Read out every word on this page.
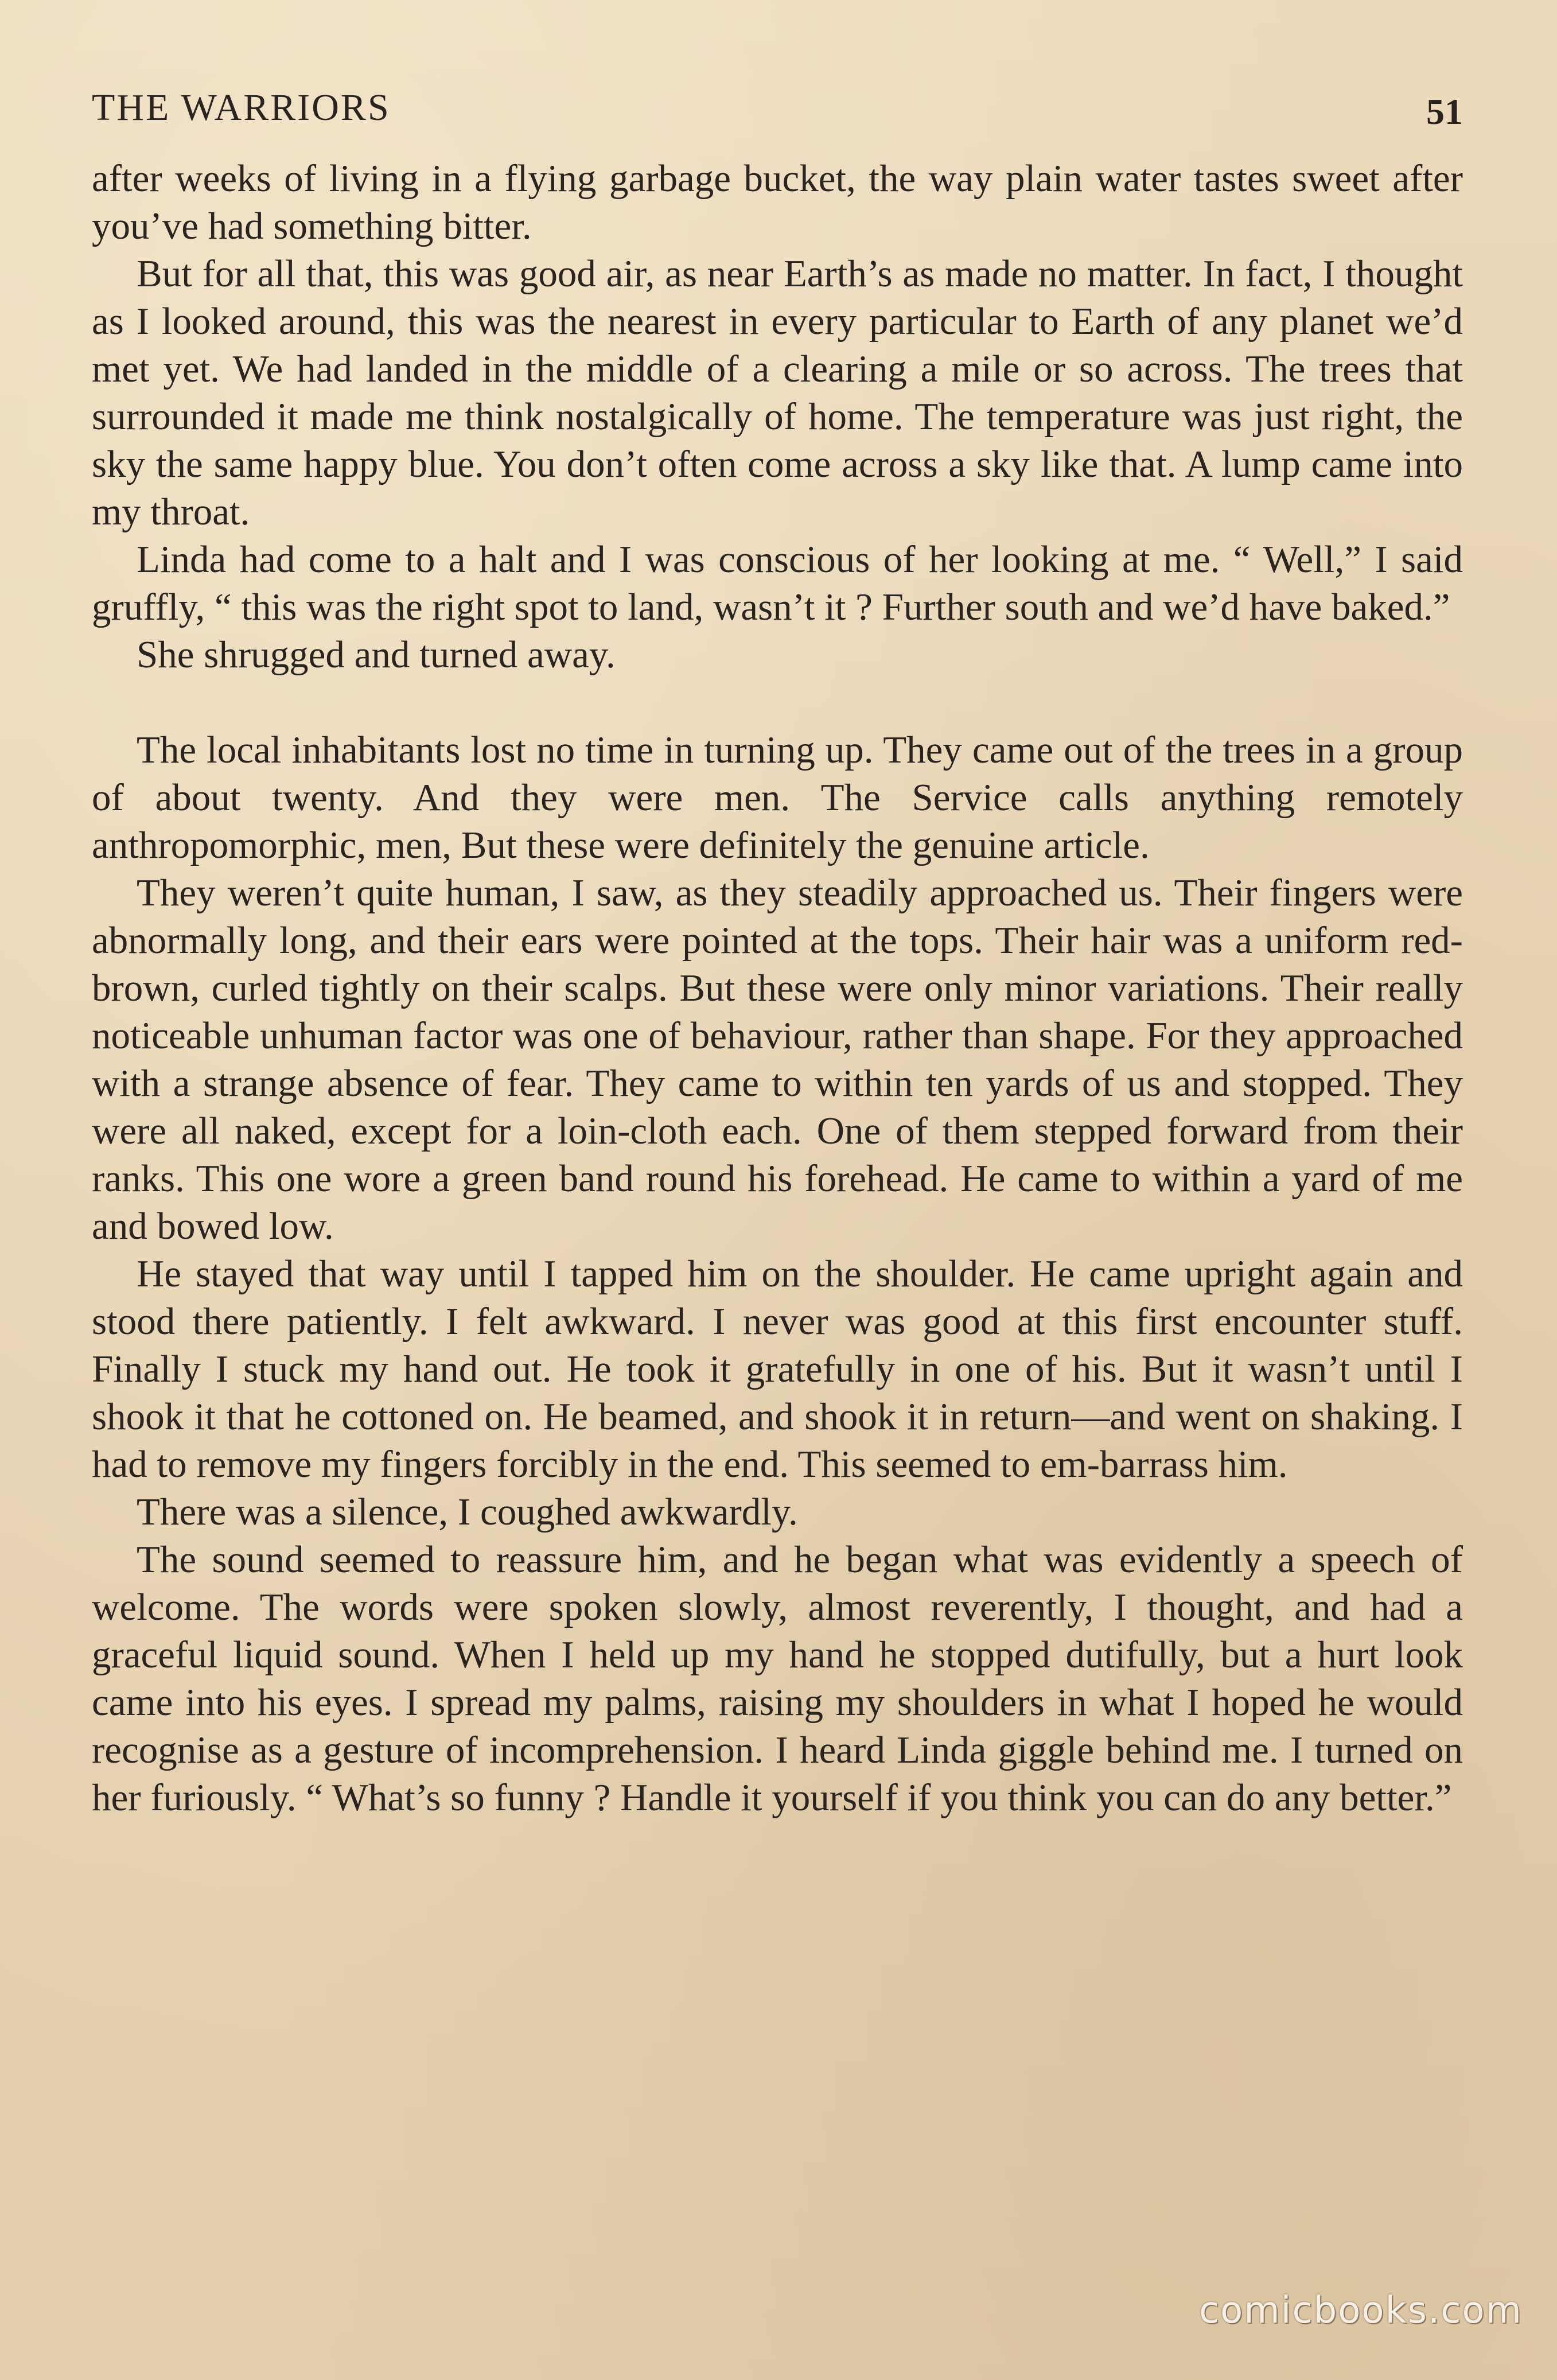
THE WARRIORS	51

after weeks of living in a flying garbage bucket, the way plain water tastes sweet after you’ve had something bitter.

But for all that, this was good air, as near Earth’s as made no matter. In fact, I thought as I looked around, this was the nearest in every particular to Earth of any planet we’d met yet. We had landed in the middle of a clearing a mile or so across. The trees that surrounded it made me think nostalgically of home. The temperature was just right, the sky the same happy blue. You don’t often come across a sky like that. A lump came into my throat.

Linda had come to a halt and I was conscious of her looking at me. “ Well,” I said gruffly, “ this was the right spot to land, wasn’t it ? Further south and we’d have baked.”

She shrugged and turned away.

The local inhabitants lost no time in turning up. They came out of the trees in a group of about twenty. And they were men. The Service calls anything remotely anthropomorphic, men, But these were definitely the genuine article.

They weren’t quite human, I saw, as they steadily approached us. Their fingers were abnormally long, and their ears were pointed at the tops. Their hair was a uniform red-brown, curled tightly on their scalps. But these were only minor variations. Their really noticeable unhuman factor was one of behaviour, rather than shape. For they approached with a strange absence of fear. They came to within ten yards of us and stopped. They were all naked, except for a loin-cloth each. One of them stepped forward from their ranks. This one wore a green band round his forehead. He came to within a yard of me and bowed low.

He stayed that way until I tapped him on the shoulder. He came upright again and stood there patiently. I felt awkward. I never was good at this first encounter stuff. Finally I stuck my hand out. He took it gratefully in one of his. But it wasn’t until I shook it that he cottoned on. He beamed, and shook it in return—and went on shaking. I had to remove my fingers forcibly in the end. This seemed to em-barrass him.

There was a silence, I coughed awkwardly.

The sound seemed to reassure him, and he began what was evidently a speech of welcome. The words were spoken slowly, almost reverently, I thought, and had a graceful liquid sound. When I held up my hand he stopped dutifully, but a hurt look came into his eyes. I spread my palms, raising my shoulders in what I hoped he would recognise as a gesture of incomprehension. I heard Linda giggle behind me. I turned on her furiously. “ What’s so funny ? Handle it yourself if you think you can do any better.”

comicbooks.com
